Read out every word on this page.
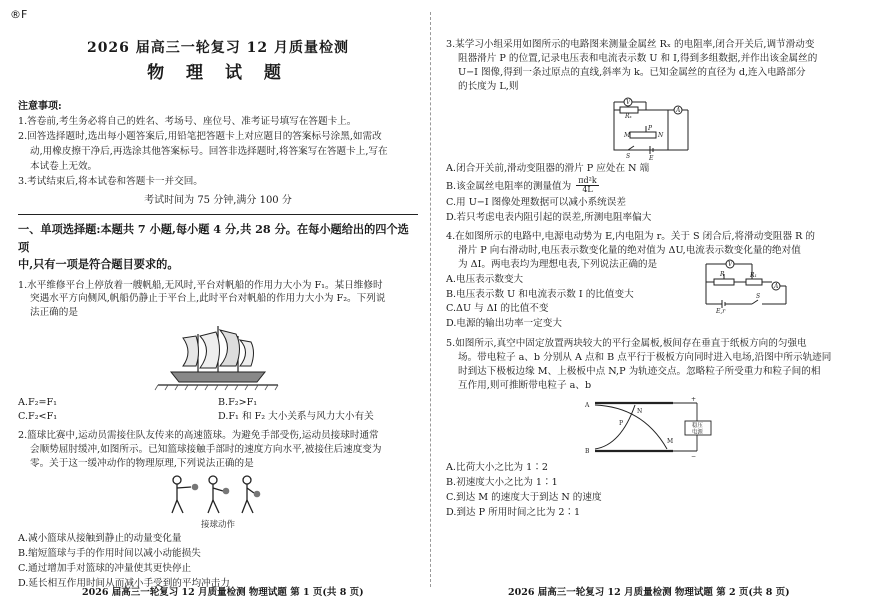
®F
2026 届高三一轮复习 12 月质量检测
物 理 试 题
注意事项:

1.答卷前,考生务必将自己的姓名、考场号、座位号、准考证号填写在答题卡上。

2.回答选择题时,选出每小题答案后,用铅笔把答题卡上对应题目的答案标号涂黑,如需改

动,用橡皮擦干净后,再选涂其他答案标号。回答非选择题时,将答案写在答题卡上,写在

本试卷上无效。

3.考试结束后,将本试卷和答题卡一并交回。

考试时间为 75 分钟,满分 100 分
一、单项选择题:本题共 7 小题,每小题 4 分,共 28 分。在每小题给出的四个选项
中,只有一项是符合题目要求的。
1.水平维修平台上停放着一艘帆船,无风时,平台对帆船的作用力大小为 F₁。某日维修时
突遇水平方向侧风,帆船仍静止于平台上,此时平台对帆船的作用力大小为 F₂。下列说
法正确的是
A.F₂=F₁	B.F₂>F₁
C.F₂<F₁	D.F₁ 和 F₂ 大小关系与风力大小有关
2.篮球比赛中,运动员需接住队友传来的高速篮球。为避免手部受伤,运动员接球时通常
会顺势屈肘缓冲,如图所示。已知篮球接触手部时的速度方向水平,被接住后速度变为
零。关于这一缓冲动作的物理原理,下列说法正确的是
接球动作
A.减小篮球从接触到静止的动量变化量
B.缩短篮球与手的作用时间以减小动能损失
C.通过增加手对篮球的冲量使其更快停止
D.延长相互作用时间从而减小手受到的平均冲击力
3.某学习小组采用如图所示的电路图来测量金属丝 Rₓ 的电阻率,闭合开关后,调节滑动变
阻器滑片 P 的位置,记录电压表和电流表示数 U 和 I,得到多组数据,并作出该金属丝的
U−I 图像,得到一条过原点的直线,斜率为 k。已知金属丝的直径为 d,连入电路部分
的长度为 L,则
V
A
Rₓ
P
M	N
S	E
A.闭合开关前,滑动变阻器的滑片 P 应处在 N 端
B.该金属丝电阻率的测量值为 $\frac{\text{πd²k}}{4L}$
C.用 U−I 图像处理数据可以减小系统误差
D.若只考虑电表内阻引起的误差,所测电阻率偏大
4.在如图所示的电路中,电源电动势为 E,内电阻为 r。关于 S 闭合后,将滑动变阻器 R 的
滑片 P 向右滑动时,电压表示数变化量的绝对值为 ΔU,电流表示数变化量的绝对值
为 ΔI。两电表均为理想电表,下列说法正确的是
A.电压表示数变大
B.电压表示数 U 和电流表示数 I 的比值变大
C.ΔU 与 ΔI 的比值不变
D.电源的输出功率一定变大
V
R	R₁
A
E,r
S
5.如图所示,真空中固定放置两块较大的平行金属板,板间存在垂直于纸板方向的匀强电
场。带电粒子 a、b 分别从 A 点和 B 点平行于极板方向同时进入电场,沿图中所示轨迹同
时到达下极板边缘 M、上极板中点 N,P 为轨迹交点。忽略粒子所受重力和粒子间的相
互作用,则可推断带电粒子 a、b
A
B
N
P
M
+
−
稳压
电源
A.比荷大小之比为 1∶2
B.初速度大小之比为 1∶1
C.到达 M 的速度大于到达 N 的速度
D.到达 P 所用时间之比为 2∶1
2026 届高三一轮复习 12 月质量检测 物理试题 第 1 页(共 8 页)	2026 届高三一轮复习 12 月质量检测 物理试题 第 2 页(共 8 页)
